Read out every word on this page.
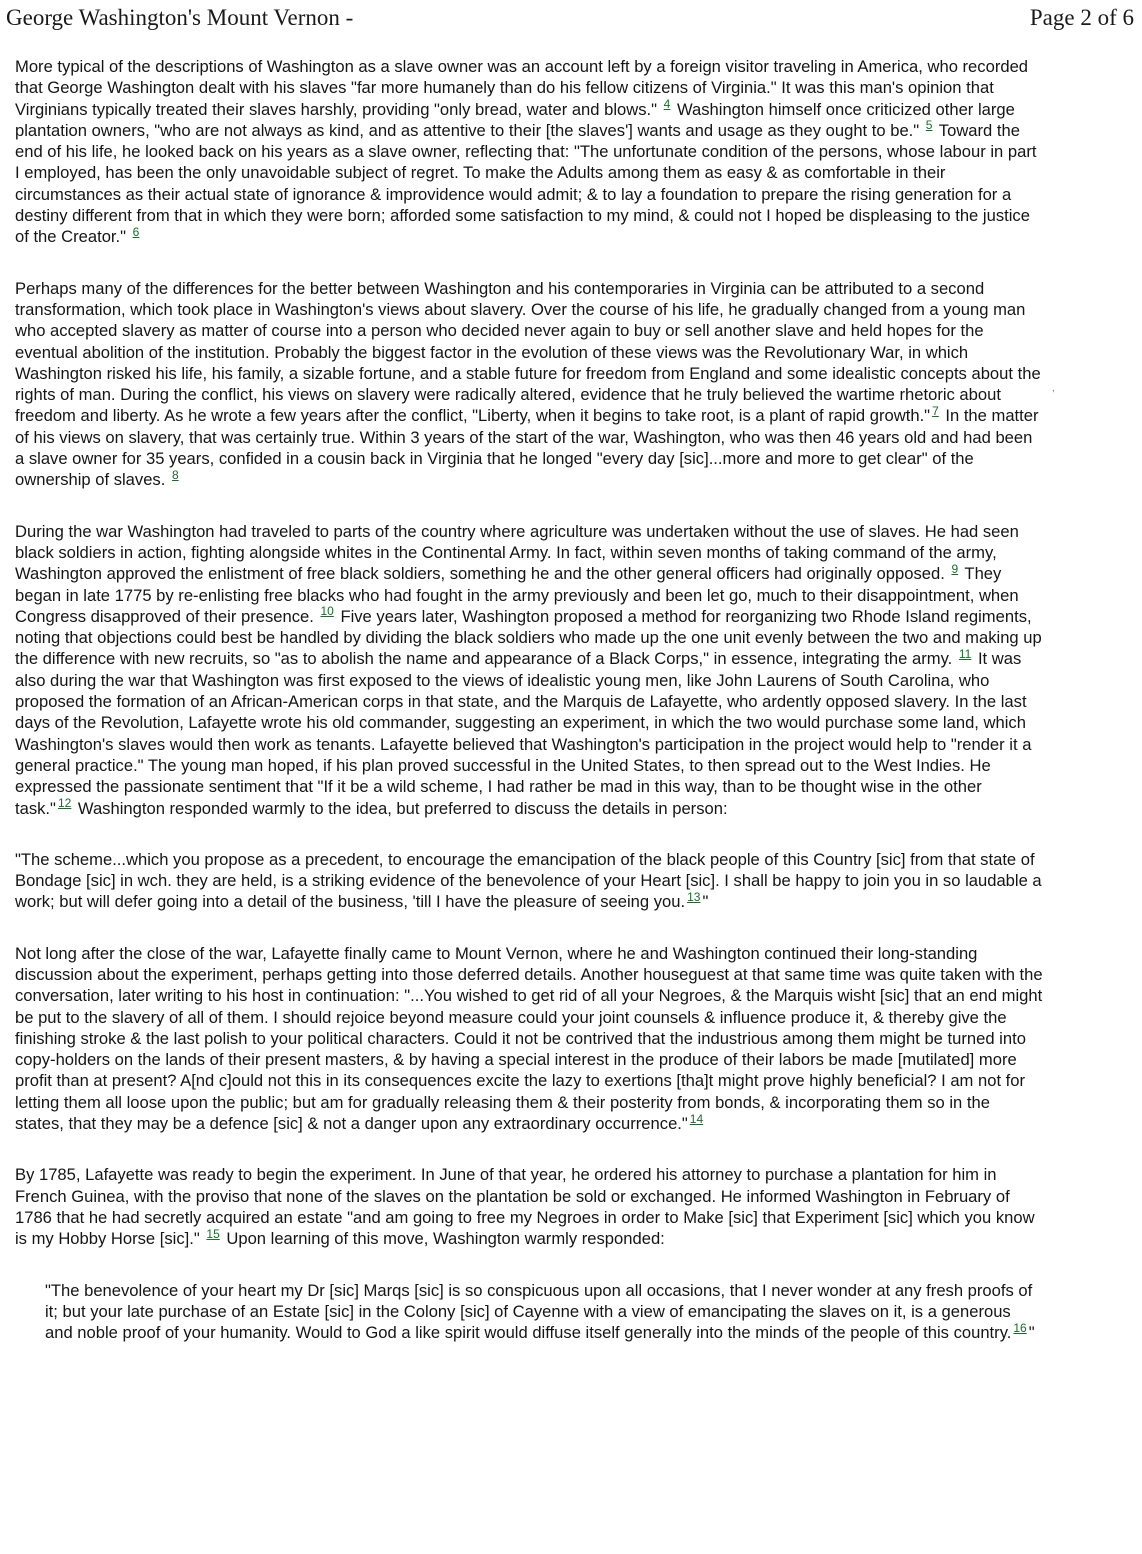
George Washington's Mount Vernon -	Page 2 of 6

More typical of the descriptions of Washington as a slave owner was an account left by a foreign visitor traveling in America, who recorded that George Washington dealt with his slaves "far more humanely than do his fellow citizens of Virginia." It was this man's opinion that Virginians typically treated their slaves harshly, providing "only bread, water and blows." $^4$ Washington himself once criticized other large plantation owners, "who are not always as kind, and as attentive to their [the slaves'] wants and usage as they ought to be." $^5$ Toward the end of his life, he looked back on his years as a slave owner, reflecting that: "The unfortunate condition of the persons, whose labour in part I employed, has been the only unavoidable subject of regret. To make the Adults among them as easy & as comfortable in their circumstances as their actual state of ignorance & improvidence would admit; & to lay a foundation to prepare the rising generation for a destiny different from that in which they were born; afforded some satisfaction to my mind, & could not I hoped be displeasing to the justice of the Creator." $^6$

Perhaps many of the differences for the better between Washington and his contemporaries in Virginia can be attributed to a second transformation, which took place in Washington's views about slavery. Over the course of his life, he gradually changed from a young man who accepted slavery as matter of course into a person who decided never again to buy or sell another slave and held hopes for the eventual abolition of the institution. Probably the biggest factor in the evolution of these views was the Revolutionary War, in which Washington risked his life, his family, a sizable fortune, and a stable future for freedom from England and some idealistic concepts about the rights of man. During the conflict, his views on slavery were radically altered, evidence that he truly believed the wartime rhetoric about freedom and liberty. As he wrote a few years after the conflict, "Liberty, when it begins to take root, is a plant of rapid growth." $^7$ In the matter of his views on slavery, that was certainly true. Within 3 years of the start of the war, Washington, who was then 46 years old and had been a slave owner for 35 years, confided in a cousin back in Virginia that he longed "every day [sic]...more and more to get clear" of the ownership of slaves. $^8$

During the war Washington had traveled to parts of the country where agriculture was undertaken without the use of slaves. He had seen black soldiers in action, fighting alongside whites in the Continental Army. In fact, within seven months of taking command of the army, Washington approved the enlistment of free black soldiers, something he and the other general officers had originally opposed. $^9$ They began in late 1775 by re-enlisting free blacks who had fought in the army previously and been let go, much to their disappointment, when Congress disapproved of their presence. $^{10}$ Five years later, Washington proposed a method for reorganizing two Rhode Island regiments, noting that objections could best be handled by dividing the black soldiers who made up the one unit evenly between the two and making up the difference with new recruits, so "as to abolish the name and appearance of a Black Corps," in essence, integrating the army. $^{11}$ It was also during the war that Washington was first exposed to the views of idealistic young men, like John Laurens of South Carolina, who proposed the formation of an African-American corps in that state, and the Marquis de Lafayette, who ardently opposed slavery. In the last days of the Revolution, Lafayette wrote his old commander, suggesting an experiment, in which the two would purchase some land, which Washington's slaves would then work as tenants. Lafayette believed that Washington's participation in the project would help to "render it a general practice." The young man hoped, if his plan proved successful in the United States, to then spread out to the West Indies. He expressed the passionate sentiment that "If it be a wild scheme, I had rather be mad in this way, than to be thought wise in the other task." $^{12}$ Washington responded warmly to the idea, but preferred to discuss the details in person:

"The scheme...which you propose as a precedent, to encourage the emancipation of the black people of this Country [sic] from that state of Bondage [sic] in wch. they are held, is a striking evidence of the benevolence of your Heart [sic]. I shall be happy to join you in so laudable a work; but will defer going into a detail of the business, 'till I have the pleasure of seeing you. $^{13}$ "

Not long after the close of the war, Lafayette finally came to Mount Vernon, where he and Washington continued their long-standing discussion about the experiment, perhaps getting into those deferred details. Another houseguest at that same time was quite taken with the conversation, later writing to his host in continuation: "...You wished to get rid of all your Negroes, & the Marquis wisht [sic] that an end might be put to the slavery of all of them. I should rejoice beyond measure could your joint counsels & influence produce it, & thereby give the finishing stroke & the last polish to your political characters. Could it not be contrived that the industrious among them might be turned into copy-holders on the lands of their present masters, & by having a special interest in the produce of their labors be made [mutilated] more profit than at present? A[nd c]ould not this in its consequences excite the lazy to exertions [tha]t might prove highly beneficial? I am not for letting them all loose upon the public; but am for gradually releasing them & their posterity from bonds, & incorporating them so in the states, that they may be a defence [sic] & not a danger upon any extraordinary occurrence." $^{14}$

By 1785, Lafayette was ready to begin the experiment. In June of that year, he ordered his attorney to purchase a plantation for him in French Guinea, with the proviso that none of the slaves on the plantation be sold or exchanged. He informed Washington in February of 1786 that he had secretly acquired an estate "and am going to free my Negroes in order to Make [sic] that Experiment [sic] which you know is my Hobby Horse [sic]." $^{15}$ Upon learning of this move, Washington warmly responded:

"The benevolence of your heart my Dr [sic] Marqs [sic] is so conspicuous upon all occasions, that I never wonder at any fresh proofs of it; but your late purchase of an Estate [sic] in the Colony [sic] of Cayenne with a view of emancipating the slaves on it, is a generous and noble proof of your humanity. Would to God a like spirit would diffuse itself generally into the minds of the people of this country. $^{16}$ "

,
